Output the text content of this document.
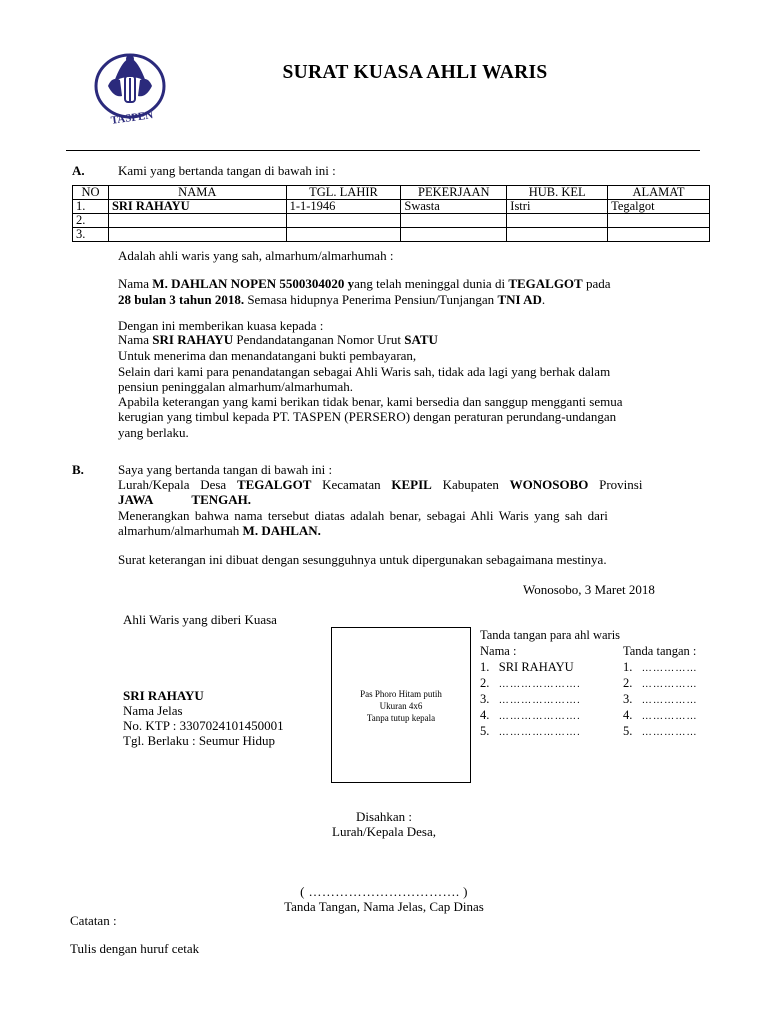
TASPEN
SURAT KUASA AHLI WARIS
A.	Kami yang bertanda tangan di bawah ini :
NO	NAMA	TGL. LAHIR	PEKERJAAN	HUB. KEL	ALAMAT
1.	SRI RAHAYU	1-1-1946	Swasta	Istri	Tegalgot
2.					
3.					
Adalah ahli waris yang sah, almarhum/almarhumah :
Nama M. DAHLAN NOPEN 5500304020 yang telah meninggal dunia di TEGALGOT pada
28 bulan 3 tahun 2018. Semasa hidupnya Penerima Pensiun/Tunjangan TNI AD.
Dengan ini memberikan kuasa kepada :
Nama SRI RAHAYU Pendandatanganan Nomor Urut SATU
Untuk menerima dan menandatangani bukti pembayaran,
Selain dari kami para penandatangan sebagai Ahli Waris sah, tidak ada lagi yang berhak dalam
pensiun peninggalan almarhum/almarhumah.
Apabila keterangan yang kami berikan tidak benar, kami bersedia dan sanggup mengganti semua
kerugian yang timbul kepada PT. TASPEN (PERSERO) dengan peraturan perundang-undangan
yang berlaku.
B.	Saya yang bertanda tangan di bawah ini :
Lurah/Kepala Desa TEGALGOT Kecamatan KEPIL Kabupaten WONOSOBO Provinsi
JAWA	TENGAH.
Menerangkan bahwa nama tersebut diatas adalah benar, sebagai Ahli Waris yang sah dari
almarhum/almarhumah M. DAHLAN.
Surat keterangan ini dibuat dengan sesungguhnya untuk dipergunakan sebagaimana mestinya.
Wonosobo, 3 Maret 2018
Ahli Waris yang diberi Kuasa
SRI RAHAYU
Nama Jelas
No. KTP : 3307024101450001
Tgl. Berlaku : Seumur Hidup
Pas Phoro Hitam putih
Ukuran 4x6
Tanpa tutup kepala
Tanda tangan para ahl waris
Nama :	Tanda tangan :
1. SRI RAHAYU	1. ……………
2. ………………….	2. ……………
3. ………………….	3. ……………
4. ………………….	4. ……………
5. ………………….	5. ……………
Disahkan :
Lurah/Kepala Desa,
( ……………………………. )
Tanda Tangan, Nama Jelas, Cap Dinas
Catatan :
Tulis dengan huruf cetak
